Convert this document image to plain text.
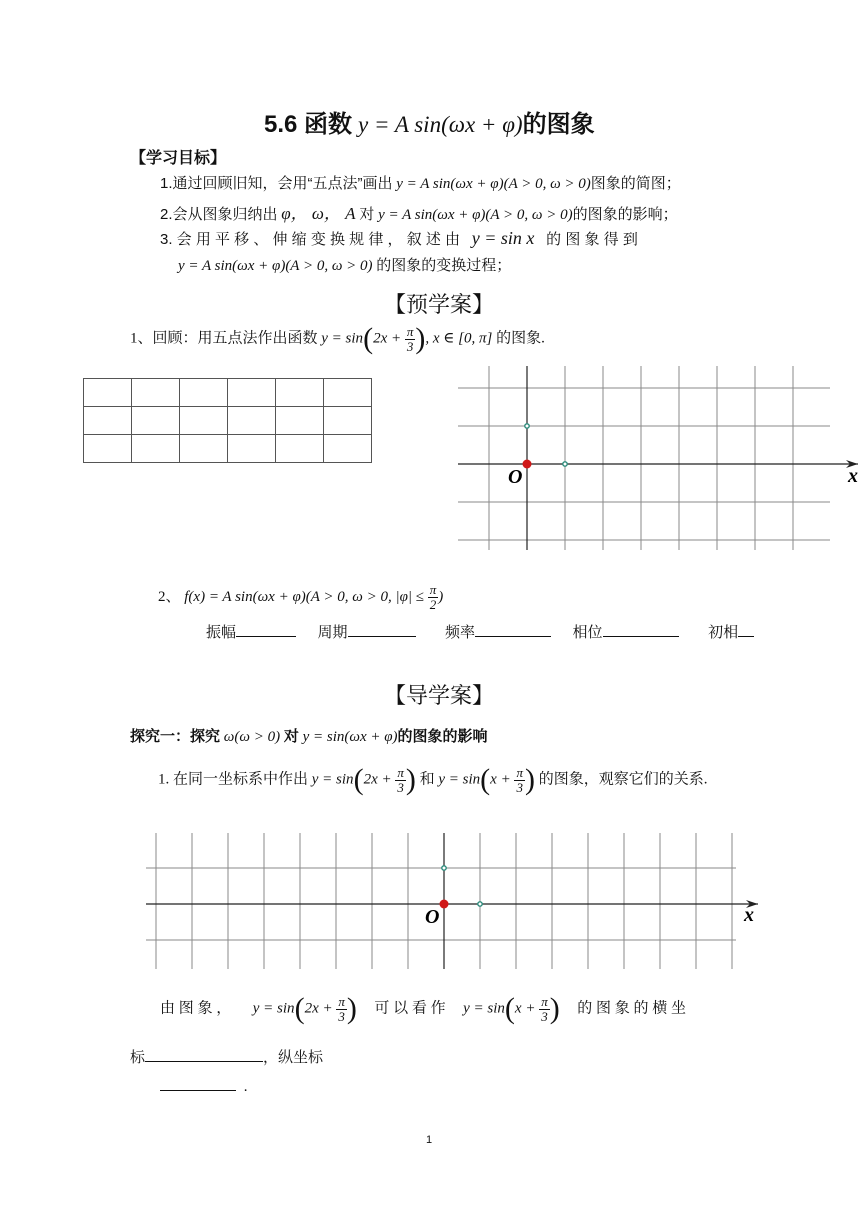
5.6 函数 y = A sin(ωx + φ)的图象
【学习目标】
1.通过回顾旧知，会用“五点法”画出 y = A sin(ωx + φ)(A > 0, ω > 0)图象的简图；
2.会从图象归纳出 φ， ω， A 对 y = A sin(ωx + φ)(A > 0, ω > 0)的图象的影响；
3. 会 用 平 移 、 伸 缩 变 换 规 律 ， 叙 述 由 y = sin x 的 图 象 得 到
y = A sin(ωx + φ)(A > 0, ω > 0) 的图象的变换过程；
【预学案】
1、回顾：用五点法作出函数 $y = \sin(2x + \frac{\pi}{3}$ ), x ∈ [0, π] 的图象.

O	x
2、 f(x) = A sin(ωx + φ)(A > 0, ω > 0, $|\varphi| \le \frac{\pi}{2}$ )
振幅	周期	频率	相位	初相
【导学案】
探究一：探究 ω(ω > 0) 对 y = sin(ωx + φ)的图象的影响
1. 在同一坐标系中作出 $y = \sin(2x + \frac{\pi}{3}$ ) 和 $y = \sin(x + \frac{\pi}{3}$ ) 的图象，观察它们的关系.
O	x
由 图 象 ， $y = \sin(2x + \frac{\pi}{3}$ ) 可 以 看 作 $y = \sin(x + \frac{\pi}{3}$ ) 的 图 象 的 横 坐
标	，纵坐标
.
1
